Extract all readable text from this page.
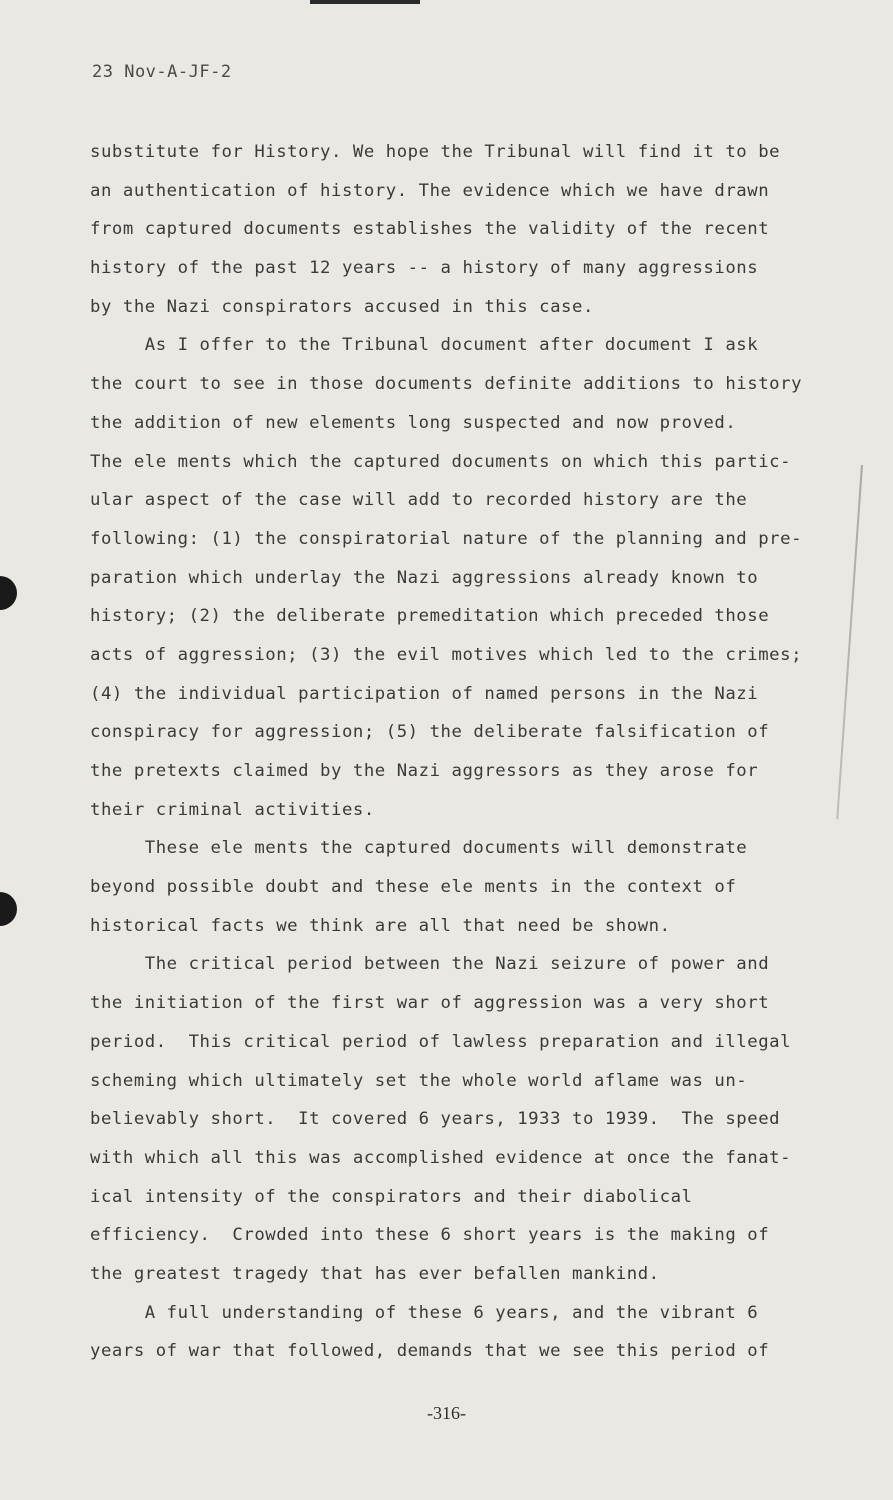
23 Nov-A-JF-2
substitute for History. We hope the Tribunal will find it to be
an authentication of history. The evidence which we have drawn
from captured documents establishes the validity of the recent
history of the past 12 years -- a history of many aggressions
by the Nazi conspirators accused in this case.
As I offer to the Tribunal document after document I ask
the court to see in those documents definite additions to history
the addition of new elements long suspected and now proved.
The ele ments which the captured documents on which this partic-
ular aspect of the case will add to recorded history are the
following: (1) the conspiratorial nature of the planning and pre-
paration which underlay the Nazi aggressions already known to
history; (2) the deliberate premeditation which preceded those
acts of aggression; (3) the evil motives which led to the crimes;
(4) the individual participation of named persons in the Nazi
conspiracy for aggression; (5) the deliberate falsification of
the pretexts claimed by the Nazi aggressors as they arose for
their criminal activities.
These ele ments the captured documents will demonstrate
beyond possible doubt and these ele ments in the context of
historical facts we think are all that need be shown.
The critical period between the Nazi seizure of power and
the initiation of the first war of aggression was a very short
period.  This critical period of lawless preparation and illegal
scheming which ultimately set the whole world aflame was un-
believably short.  It covered 6 years, 1933 to 1939.  The speed
with which all this was accomplished evidence at once the fanat-
ical intensity of the conspirators and their diabolical
efficiency.  Crowded into these 6 short years is the making of
the greatest tragedy that has ever befallen mankind.
A full understanding of these 6 years, and the vibrant 6
years of war that followed, demands that we see this period of
-316-
